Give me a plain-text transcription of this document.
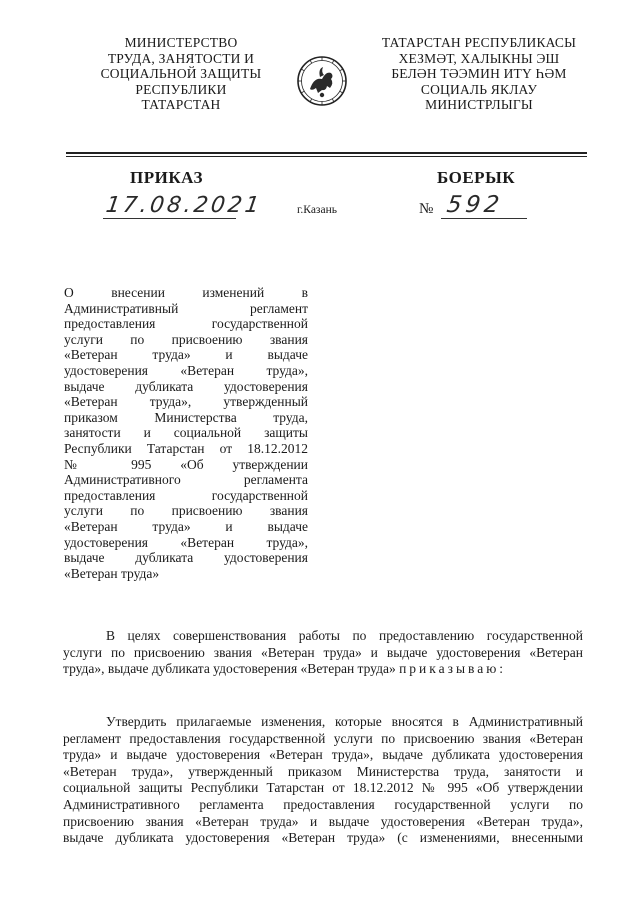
МИНИСТЕРСТВО
ТРУДА, ЗАНЯТОСТИ И
СОЦИАЛЬНОЙ ЗАЩИТЫ
РЕСПУБЛИКИ
ТАТАРСТАН
ТАТАРСТАН РЕСПУБЛИКАСЫ
ХЕЗМӘТ, ХАЛЫКНЫ ЭШ
БЕЛӘН ТӘЭМИН ИТҮ ҺӘМ
СОЦИАЛЬ ЯКЛАУ
МИНИСТРЛЫГЫ
ПРИКАЗ	БОЕРЫК
17.08.2021	г.Казань	№ 592
О внесении изменений в
Административный регламент
предоставления государственной
услуги по присвоению звания
«Ветеран труда» и выдаче
удостоверения «Ветеран труда»,
выдаче дубликата удостоверения
«Ветеран труда», утвержденный
приказом Министерства труда,
занятости и социальной защиты
Республики Татарстан от 18.12.2012
№ 995 «Об утверждении
Административного регламента
предоставления государственной
услуги по присвоению звания
«Ветеран труда» и выдаче
удостоверения «Ветеран труда»,
выдаче дубликата удостоверения
«Ветеран труда»
В целях совершенствования работы по предоставлению государственной
услуги по присвоению звания «Ветеран труда» и выдаче удостоверения «Ветеран
труда», выдаче дубликата удостоверения «Ветеран труда» приказываю:
Утвердить прилагаемые изменения, которые вносятся в Административный
регламент предоставления государственной услуги по присвоению звания «Ветеран
труда» и выдаче удостоверения «Ветеран труда», выдаче дубликата удостоверения
«Ветеран труда», утвержденный приказом Министерства труда, занятости и
социальной защиты Республики Татарстан от 18.12.2012 № 995 «Об утверждении
Административного регламента предоставления государственной услуги по
присвоению звания «Ветеран труда» и выдаче удостоверения «Ветеран труда»,
выдаче дубликата удостоверения «Ветеран труда» (с изменениями, внесенными
